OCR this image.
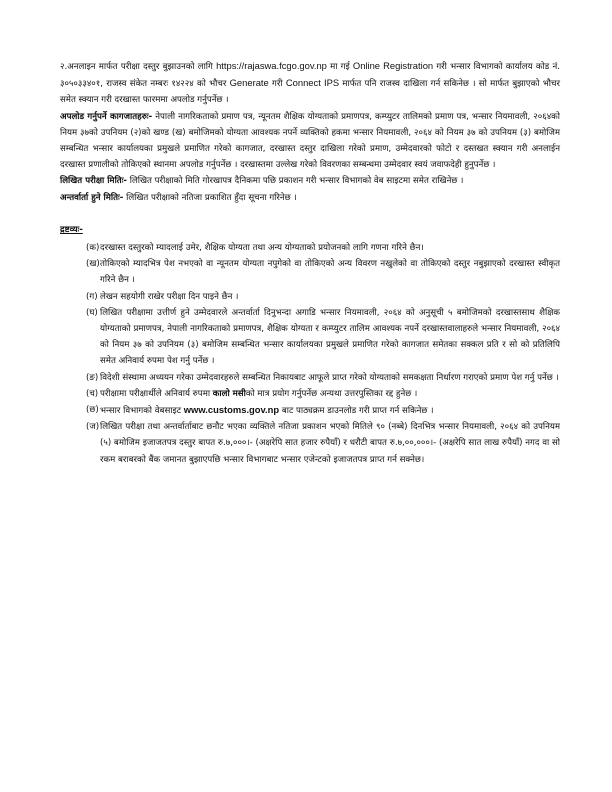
२.अनलाइन मार्फत परीक्षा दस्तुर बुझाउनको लागि https://rajaswa.fcgo.gov.np मा गई Online Registration गरी भन्सार विभागको कार्यालय कोड नं. ३०५०३३४०१, राजस्व संकेत नम्बरः १४२२४ को भौचर Generate गरी Connect IPS मार्फत पनि राजस्व दाखिला गर्न सकिनेछ । सो मार्फत बुझाएको भौचर समेत स्क्यान गरी दरखास्त फारममा अपलोड गर्नुपर्नेछ ।

अपलोड गर्नुपर्ने कागजातहरुः- नेपाली नागरिकताको प्रमाण पत्र, न्यूनतम शैक्षिक योग्यताको प्रमाणपत्र, कम्प्युटर तालिमको प्रमाण पत्र, भन्सार नियमावली, २०६४को नियम ३७को उपनियम (२)को खण्ड (ख) बमोजिमको योग्यता आवश्यक नपर्ने व्यक्तिको हकमा भन्सार नियमावली, २०६४ को नियम ३७ को उपनियम (३) बमोजिम सम्बन्धित भन्सार कार्यालयका प्रमुखले प्रमाणित गरेको कागजात, दरखास्त दस्तुर दाखिला गरेको प्रमाण, उम्मेदवारको फोटो र दस्तखत स्क्यान गरी अनलाईन दरखास्त प्रणालीको तोकिएको स्थानमा अपलोड गर्नुपर्नेछ । दरखास्तमा उल्लेख गरेको विवरणका सम्बन्धमा उम्मेदवार स्वयं जवाफदेही हुनुपर्नेछ ।

लिखित परीक्षा मितिः- लिखित परीक्षाको मिति गोरखापत्र दैनिकमा पछि प्रकाशन गरी भन्सार विभागको वेब साइटमा समेत राखिनेछ ।

अन्तर्वार्ता हुने मितिः- लिखित परीक्षाको नतिजा प्रकाशित हुँदा सूचना गरिनेछ ।

द्रष्टव्यः-

(क) दरखास्त दस्तुरको म्यादलाई उमेर, शैक्षिक योग्यता तथा अन्य योग्यताको प्रयोजनको लागि गणना गरिने छैन।
(ख) तोकिएको म्यादभित्र पेश नभएको वा न्यूनतम योग्यता नपुगेको वा तोकिएको अन्य विवरण नखुलेको वा तोकिएको दस्तुर नबुझाएको दरखास्त स्वीकृत गरिने छैन ।
(ग) लेखन सहयोगी राखेर परीक्षा दिन पाइने छैन ।
(घ) लिखित परीक्षामा उत्तीर्ण हुने उम्मेदवारले अन्तर्वार्ता दिनुभन्दा अगाडि भन्सार नियमावली, २०६४ को अनुसूची ५ बमोजिमको दरखास्तसाथ शैक्षिक योग्यताको प्रमाणपत्र, नेपाली नागरिकताको प्रमाणपत्र, शैक्षिक योग्यता र कम्प्युटर तालिम आवश्यक नपर्ने दरखास्तवालाहरुले भन्सार नियमावली, २०६४ को नियम ३७ को उपनियम (३) बमोजिम सम्बन्धित भन्सार कार्यालयका प्रमुखले प्रमाणित गरेको कागजात समेतका सक्कल प्रति र सो को प्रतिलिपि समेत अनिवार्य रुपमा पेश गर्नु पर्नेछ ।
(ङ) विदेशी संस्थामा अध्ययन गरेका उम्मेदवारहरुले सम्बन्धित निकायबाट आफूले प्राप्त गरेको योग्यताको समकक्षता निर्धारण गराएको प्रमाण पेश गर्नु पर्नेछ ।
(च) परीक्षामा परीक्षार्थीले अनिवार्य रुपमा कालो मसीको मात्र प्रयोग गर्नुपर्नेछ अन्यथा उत्तरपुस्तिका रद्द हुनेछ ।
(छ) भन्सार विभागको वेबसाइट www.customs.gov.np बाट पाठ्यक्रम डाउनलोड गरी प्राप्त गर्न सकिनेछ ।
(ज) लिखित परीक्षा तथा अन्तर्वार्ताबाट छनौट भएका व्यक्तिले नतिजा प्रकाशन भएको मितिले ९० (नब्बे) दिनभित्र भन्सार नियमावली, २०६४ को उपनियम (५) बमोजिम इजाजतपत्र दस्तुर बापत रु.७,०००।- (अक्षरेपि सात हजार रुपैयाँ) र धरौटी बापत रु.७,००,०००।- (अक्षरेपि सात लाख रुपैयाँ) नगद वा सो रकम बराबरको बैंक जमानत बुझाएपछि भन्सार विभागबाट भन्सार एजेन्टको इजाजतपत्र प्राप्त गर्न सक्नेछ।
